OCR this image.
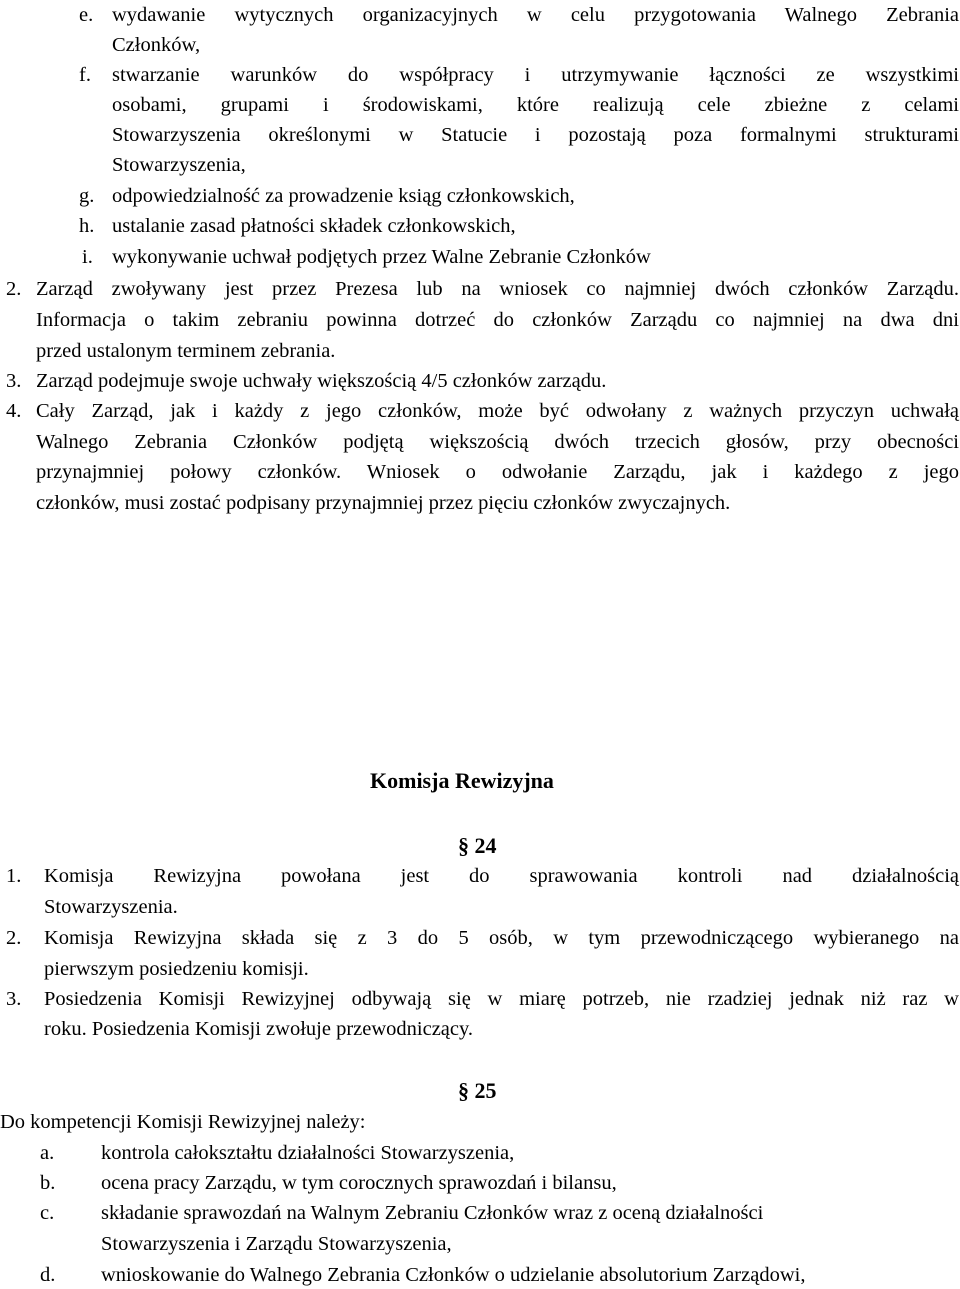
e. wydawanie wytycznych organizacyjnych w celu przygotowania Walnego Zebrania
Członków,
f. stwarzanie warunków do współpracy i utrzymywanie łączności ze wszystkimi
osobami, grupami i środowiskami, które realizują cele zbieżne z celami
Stowarzyszenia określonymi w Statucie i pozostają poza formalnymi strukturami
Stowarzyszenia,
g. odpowiedzialność za prowadzenie ksiąg członkowskich,
h. ustalanie zasad płatności składek członkowskich,
i. wykonywanie uchwał podjętych przez Walne Zebranie Członków
2. Zarząd zwoływany jest przez Prezesa lub na wniosek co najmniej dwóch członków Zarządu.
Informacja o takim zebraniu powinna dotrzeć do członków Zarządu co najmniej na dwa dni
przed ustalonym terminem zebrania.
3. Zarząd podejmuje swoje uchwały większością 4/5 członków zarządu.
4. Cały Zarząd, jak i każdy z jego członków, może być odwołany z ważnych przyczyn uchwałą
Walnego Zebrania Członków podjętą większością dwóch trzecich głosów, przy obecności
przynajmniej połowy członków. Wniosek o odwołanie Zarządu, jak i każdego z jego
członków, musi zostać podpisany przynajmniej przez pięciu członków zwyczajnych.
Komisja Rewizyjna
§ 24
1. Komisja Rewizyjna powołana jest do sprawowania kontroli nad działalnością
Stowarzyszenia.
2. Komisja Rewizyjna składa się z 3 do 5 osób, w tym przewodniczącego wybieranego na
pierwszym posiedzeniu komisji.
3. Posiedzenia Komisji Rewizyjnej odbywają się w miarę potrzeb, nie rzadziej jednak niż raz w
roku. Posiedzenia Komisji zwołuje przewodniczący.
§ 25
Do kompetencji Komisji Rewizyjnej należy:
a. kontrola całokształtu działalności Stowarzyszenia,
b. ocena pracy Zarządu, w tym corocznych sprawozdań i bilansu,
c. składanie sprawozdań na Walnym Zebraniu Członków wraz z oceną działalności
Stowarzyszenia i Zarządu Stowarzyszenia,
d. wnioskowanie do Walnego Zebrania Członków o udzielanie absolutorium Zarządowi,
